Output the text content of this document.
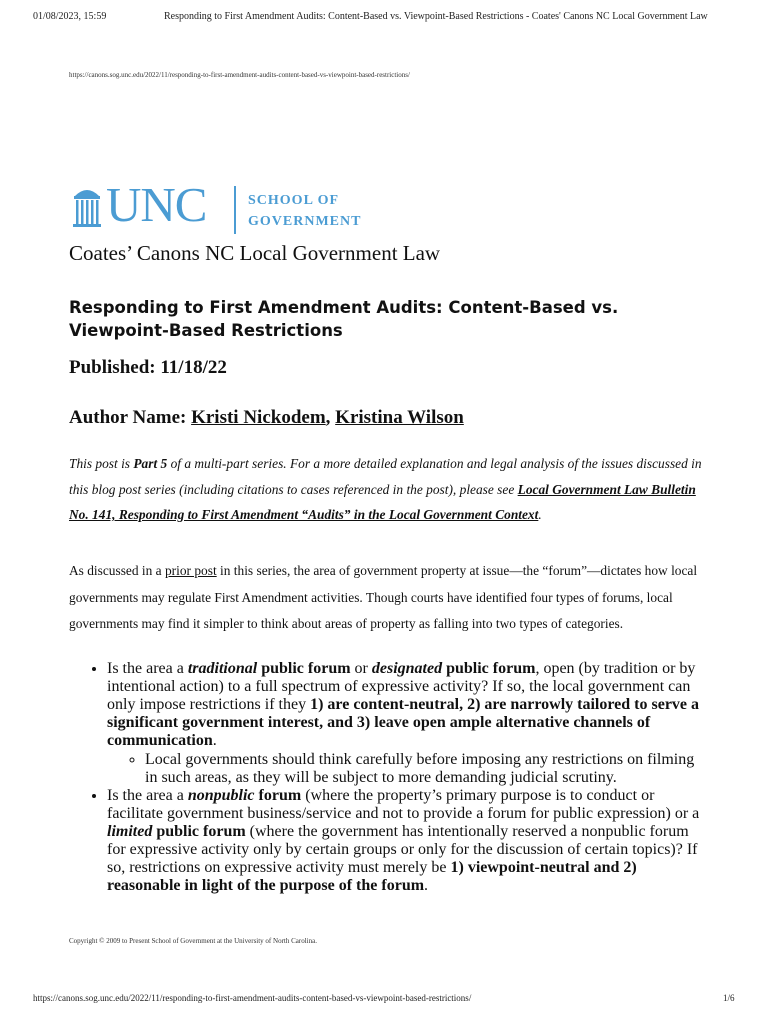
01/08/2023, 15:59	Responding to First Amendment Audits: Content-Based vs. Viewpoint-Based Restrictions - Coates' Canons NC Local Government Law
https://canons.sog.unc.edu/2022/11/responding-to-first-amendment-audits-content-based-vs-viewpoint-based-restrictions/
UNC	SCHOOL OF
GOVERNMENT
Coates’ Canons NC Local Government Law
Responding to First Amendment Audits: Content-Based vs. Viewpoint-Based Restrictions
Published: 11/18/22
Author Name: Kristi Nickodem, Kristina Wilson
This post is Part 5 of a multi-part series. For a more detailed explanation and legal analysis of the issues discussed in this blog post series (including citations to cases referenced in the post), please see Local Government Law Bulletin No. 141, Responding to First Amendment “Audits” in the Local Government Context.
As discussed in a prior post in this series, the area of government property at issue—the “forum”—dictates how local governments may regulate First Amendment activities. Though courts have identified four types of forums, local governments may find it simpler to think about areas of property as falling into two types of categories.
• Is the area a traditional public forum or designated public forum, open (by tradition or by intentional action) to a full spectrum of expressive activity? If so, the local government can only impose restrictions if they 1) are content-neutral, 2) are narrowly tailored to serve a significant government interest, and 3) leave open ample alternative channels of communication.
◦ Local governments should think carefully before imposing any restrictions on filming in such areas, as they will be subject to more demanding judicial scrutiny.
• Is the area a nonpublic forum (where the property’s primary purpose is to conduct or facilitate government business/service and not to provide a forum for public expression) or a limited public forum (where the government has intentionally reserved a nonpublic forum for expressive activity only by certain groups or only for the discussion of certain topics)? If so, restrictions on expressive activity must merely be 1) viewpoint-neutral and 2) reasonable in light of the purpose of the forum.
Copyright © 2009 to Present School of Government at the University of North Carolina.
https://canons.sog.unc.edu/2022/11/responding-to-first-amendment-audits-content-based-vs-viewpoint-based-restrictions/	1/6
